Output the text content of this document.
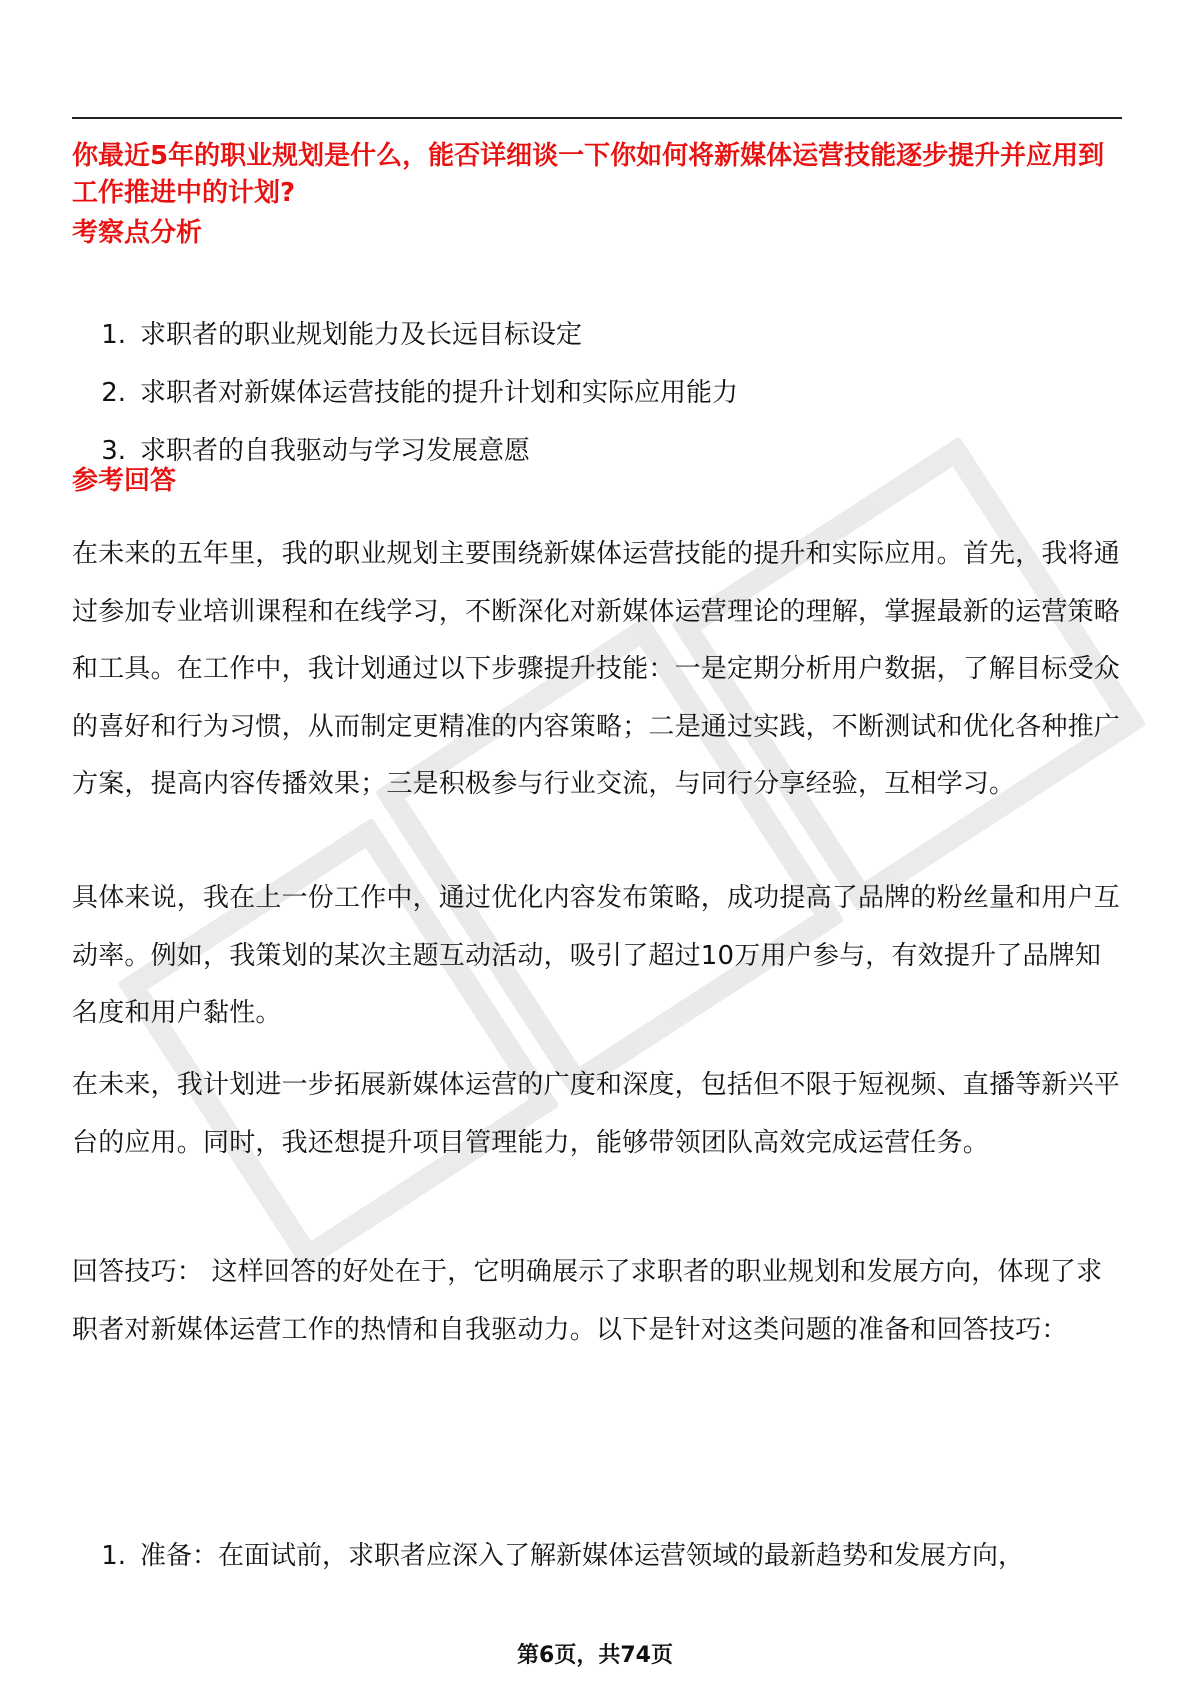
你最近5年的职业规划是什么，能否详细谈一下你如何将新媒体运营技能逐步提升并应用到工作推进中的计划?
考察点分析
1. 求职者的职业规划能力及长远目标设定
2. 求职者对新媒体运营技能的提升计划和实际应用能力
3. 求职者的自我驱动与学习发展意愿
参考回答

在未来的五年里，我的职业规划主要围绕新媒体运营技能的提升和实际应用。首先，我将通过参加专业培训课程和在线学习，不断深化对新媒体运营理论的理解，掌握最新的运营策略和工具。在工作中，我计划通过以下步骤提升技能：一是定期分析用户数据，了解目标受众的喜好和行为习惯，从而制定更精准的内容策略；二是通过实践，不断测试和优化各种推广方案，提高内容传播效果；三是积极参与行业交流，与同行分享经验，互相学习。

具体来说，我在上一份工作中，通过优化内容发布策略，成功提高了品牌的粉丝量和用户互动率。例如，我策划的某次主题互动活动，吸引了超过10万用户参与，有效提升了品牌知名度和用户黏性。

在未来，我计划进一步拓展新媒体运营的广度和深度，包括但不限于短视频、直播等新兴平台的应用。同时，我还想提升项目管理能力，能够带领团队高效完成运营任务。

回答技巧： 这样回答的好处在于，它明确展示了求职者的职业规划和发展方向，体现了求职者对新媒体运营工作的热情和自我驱动力。以下是针对这类问题的准备和回答技巧：

1. 准备：在面试前，求职者应深入了解新媒体运营领域的最新趋势和发展方向，
第6页，共74页
